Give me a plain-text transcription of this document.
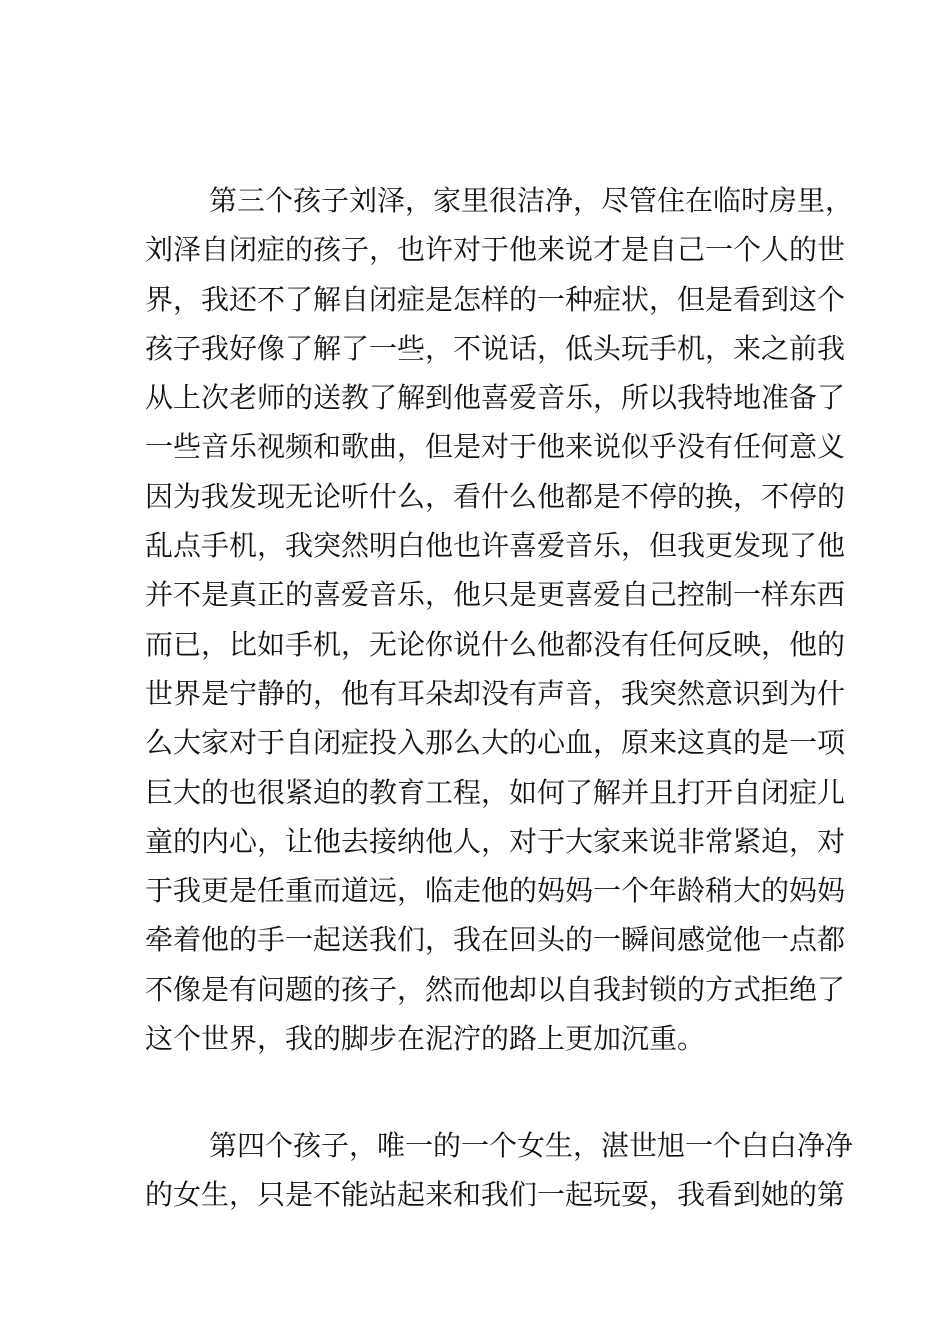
第三个孩子刘泽，家里很洁净，尽管住在临时房里，
刘泽自闭症的孩子，也许对于他来说才是自己一个人的世
界，我还不了解自闭症是怎样的一种症状，但是看到这个
孩子我好像了解了一些，不说话，低头玩手机，来之前我
从上次老师的送教了解到他喜爱音乐，所以我特地准备了
一些音乐视频和歌曲，但是对于他来说似乎没有任何意义
因为我发现无论听什么，看什么他都是不停的换，不停的
乱点手机，我突然明白他也许喜爱音乐，但我更发现了他
并不是真正的喜爱音乐，他只是更喜爱自己控制一样东西
而已，比如手机，无论你说什么他都没有任何反映，他的
世界是宁静的，他有耳朵却没有声音，我突然意识到为什
么大家对于自闭症投入那么大的心血，原来这真的是一项
巨大的也很紧迫的教育工程，如何了解并且打开自闭症儿
童的内心，让他去接纳他人，对于大家来说非常紧迫，对
于我更是任重而道远，临走他的妈妈一个年龄稍大的妈妈
牵着他的手一起送我们，我在回头的一瞬间感觉他一点都
不像是有问题的孩子，然而他却以自我封锁的方式拒绝了
这个世界，我的脚步在泥泞的路上更加沉重。

第四个孩子，唯一的一个女生，湛世旭一个白白净净
的女生，只是不能站起来和我们一起玩耍，我看到她的第
